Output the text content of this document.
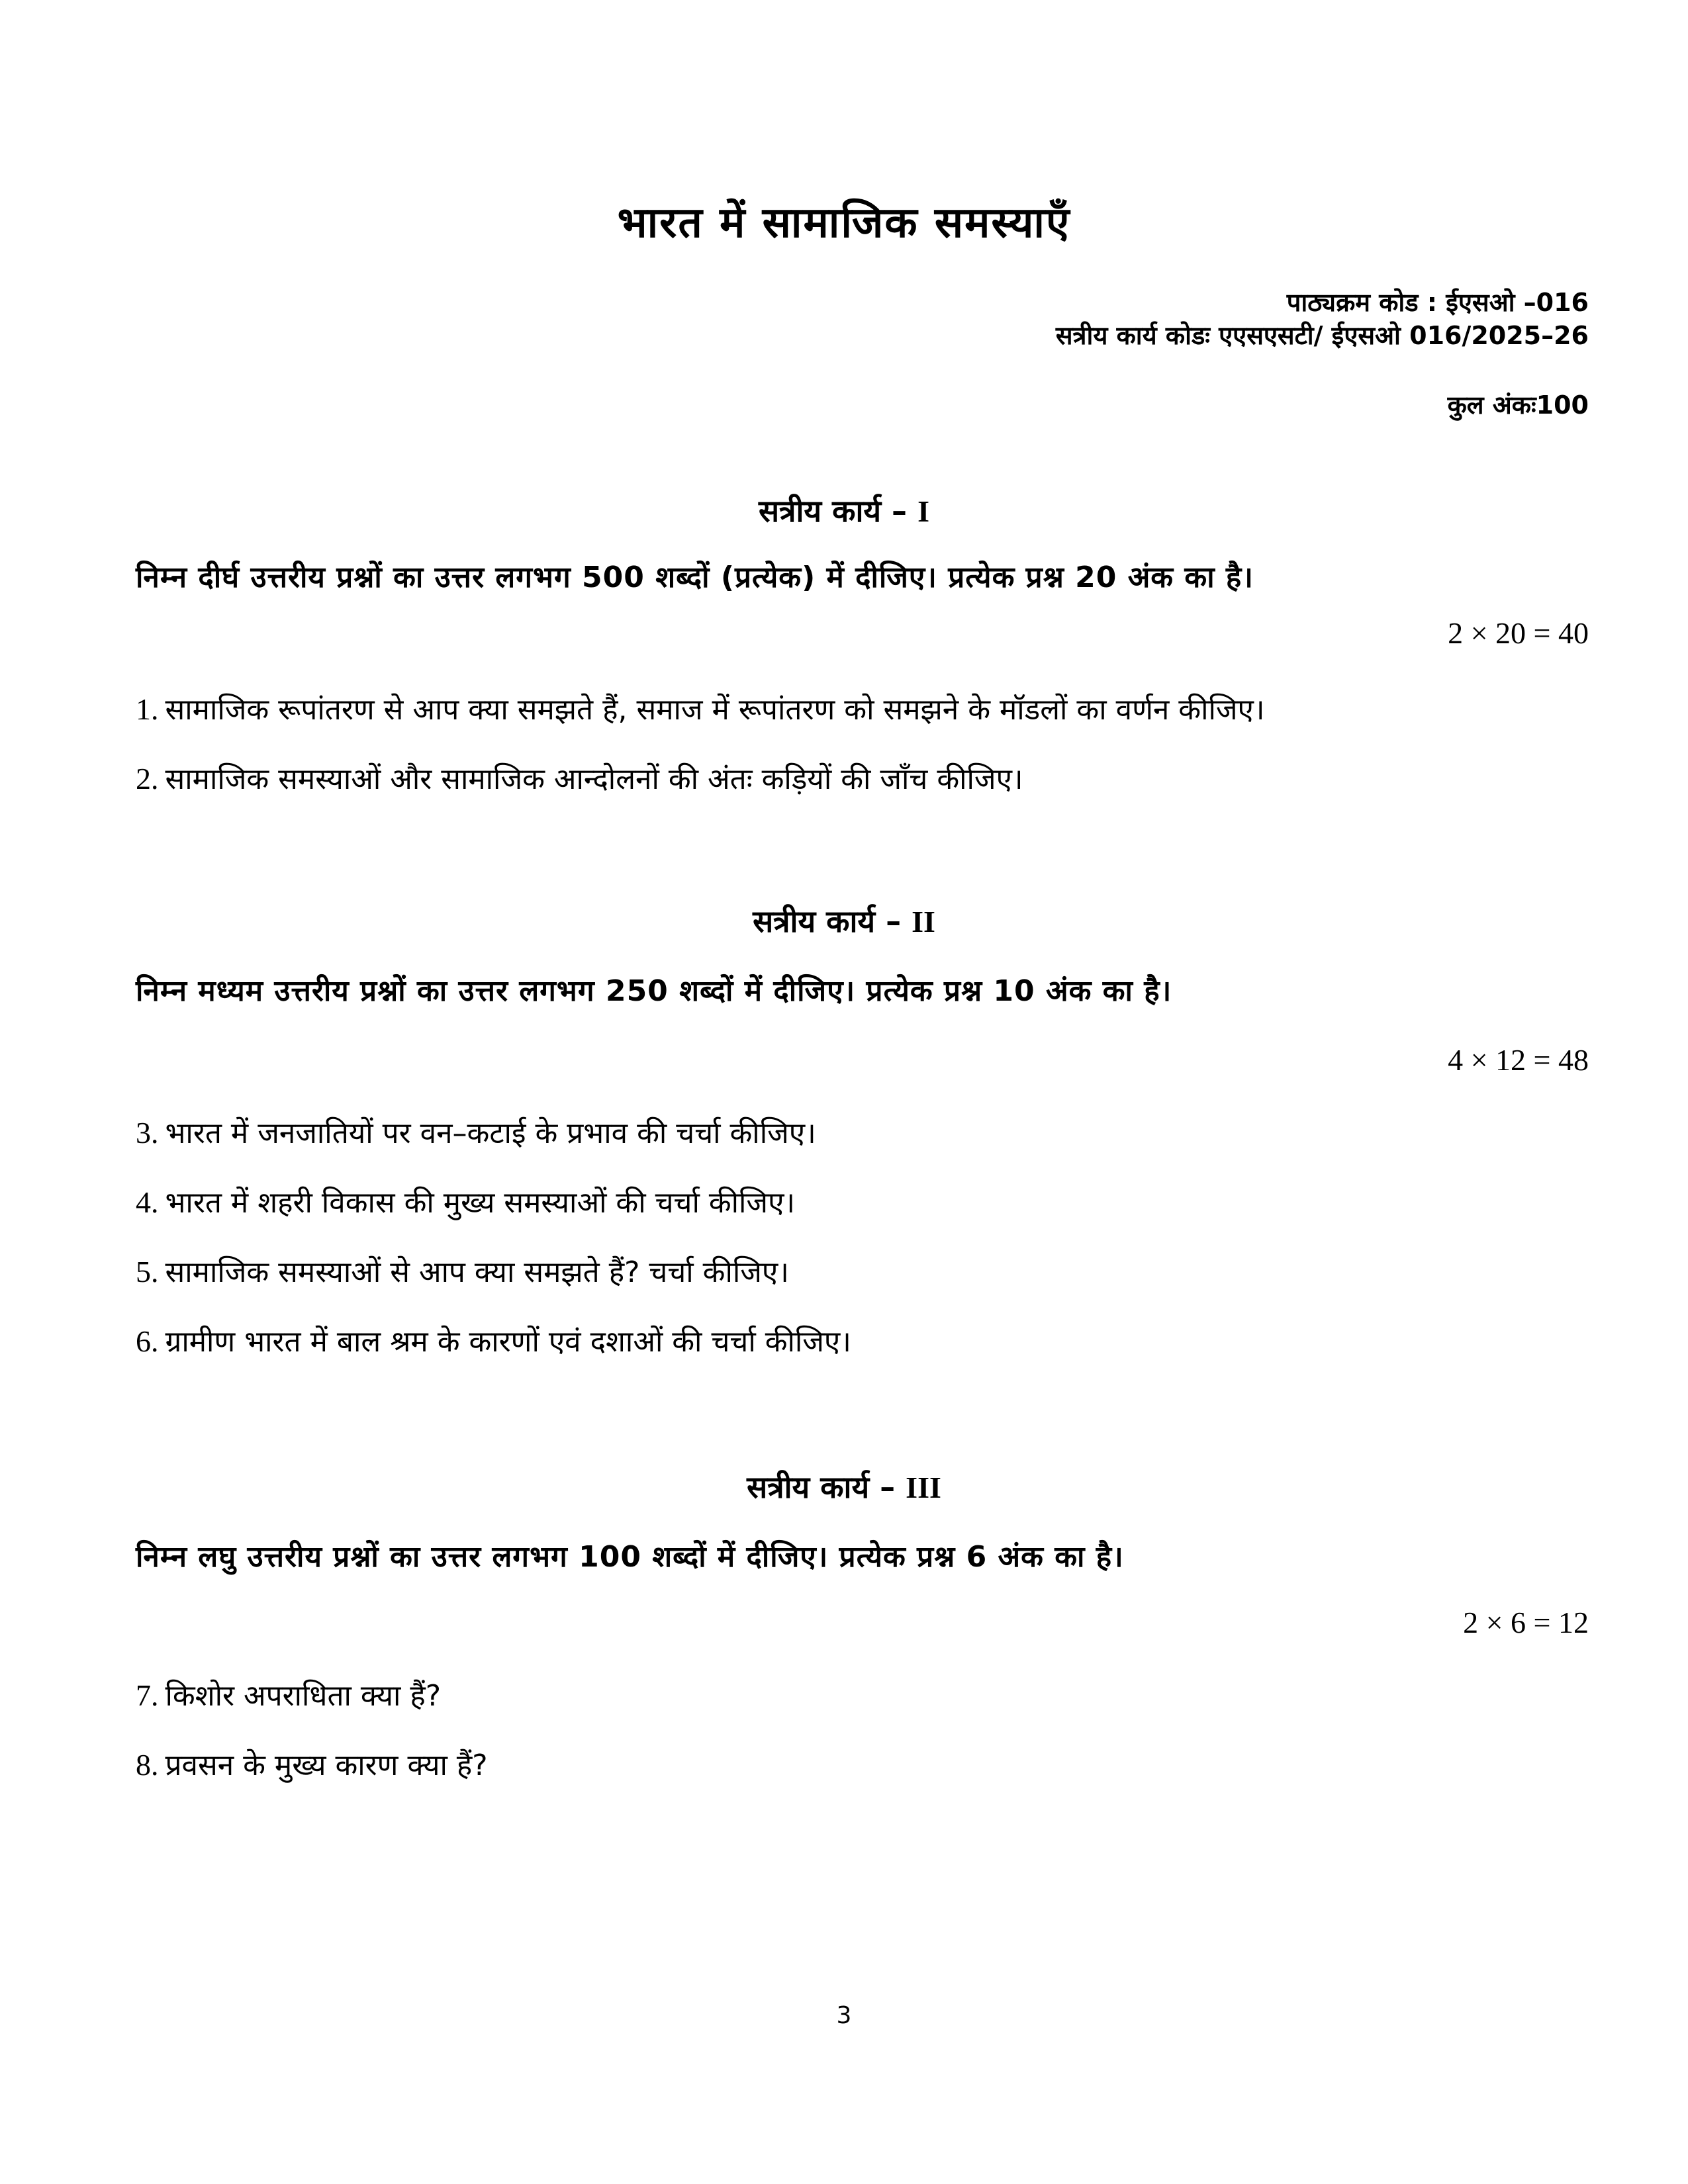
भारत में सामाजिक समस्याएँ
पाठ्यक्रम कोड : ईएसओ –016
सत्रीय कार्य कोडः एएसएसटी/ ईएसओ 016/2025–26
कुल अंकः100
सत्रीय कार्य – I
निम्न दीर्घ उत्तरीय प्रश्नों का उत्तर लगभग 500 शब्दों (प्रत्येक) में दीजिए। प्रत्येक प्रश्न 20 अंक का है।
2 × 20 = 40
1. सामाजिक रूपांतरण से आप क्या समझते हैं, समाज में रूपांतरण को समझने के मॉडलों का वर्णन कीजिए।
2. सामाजिक समस्याओं और सामाजिक आन्दोलनों की अंतः कड़ियों की जाँच कीजिए।
सत्रीय कार्य – II
निम्न मध्यम उत्तरीय प्रश्नों का उत्तर लगभग 250 शब्दों में दीजिए। प्रत्येक प्रश्न 10 अंक का है।
4 × 12 = 48
3. भारत में जनजातियों पर वन–कटाई के प्रभाव की चर्चा कीजिए।
4. भारत में शहरी विकास की मुख्य समस्याओं की चर्चा कीजिए।
5. सामाजिक समस्याओं से आप क्या समझते हैं? चर्चा कीजिए।
6. ग्रामीण भारत में बाल श्रम के कारणों एवं दशाओं की चर्चा कीजिए।
सत्रीय कार्य – III
निम्न लघु उत्तरीय प्रश्नों का उत्तर लगभग 100 शब्दों में दीजिए। प्रत्येक प्रश्न 6 अंक का है।
2 × 6 = 12
7. किशोर अपराधिता क्या हैं?
8. प्रवसन के मुख्य कारण क्या हैं?
3
